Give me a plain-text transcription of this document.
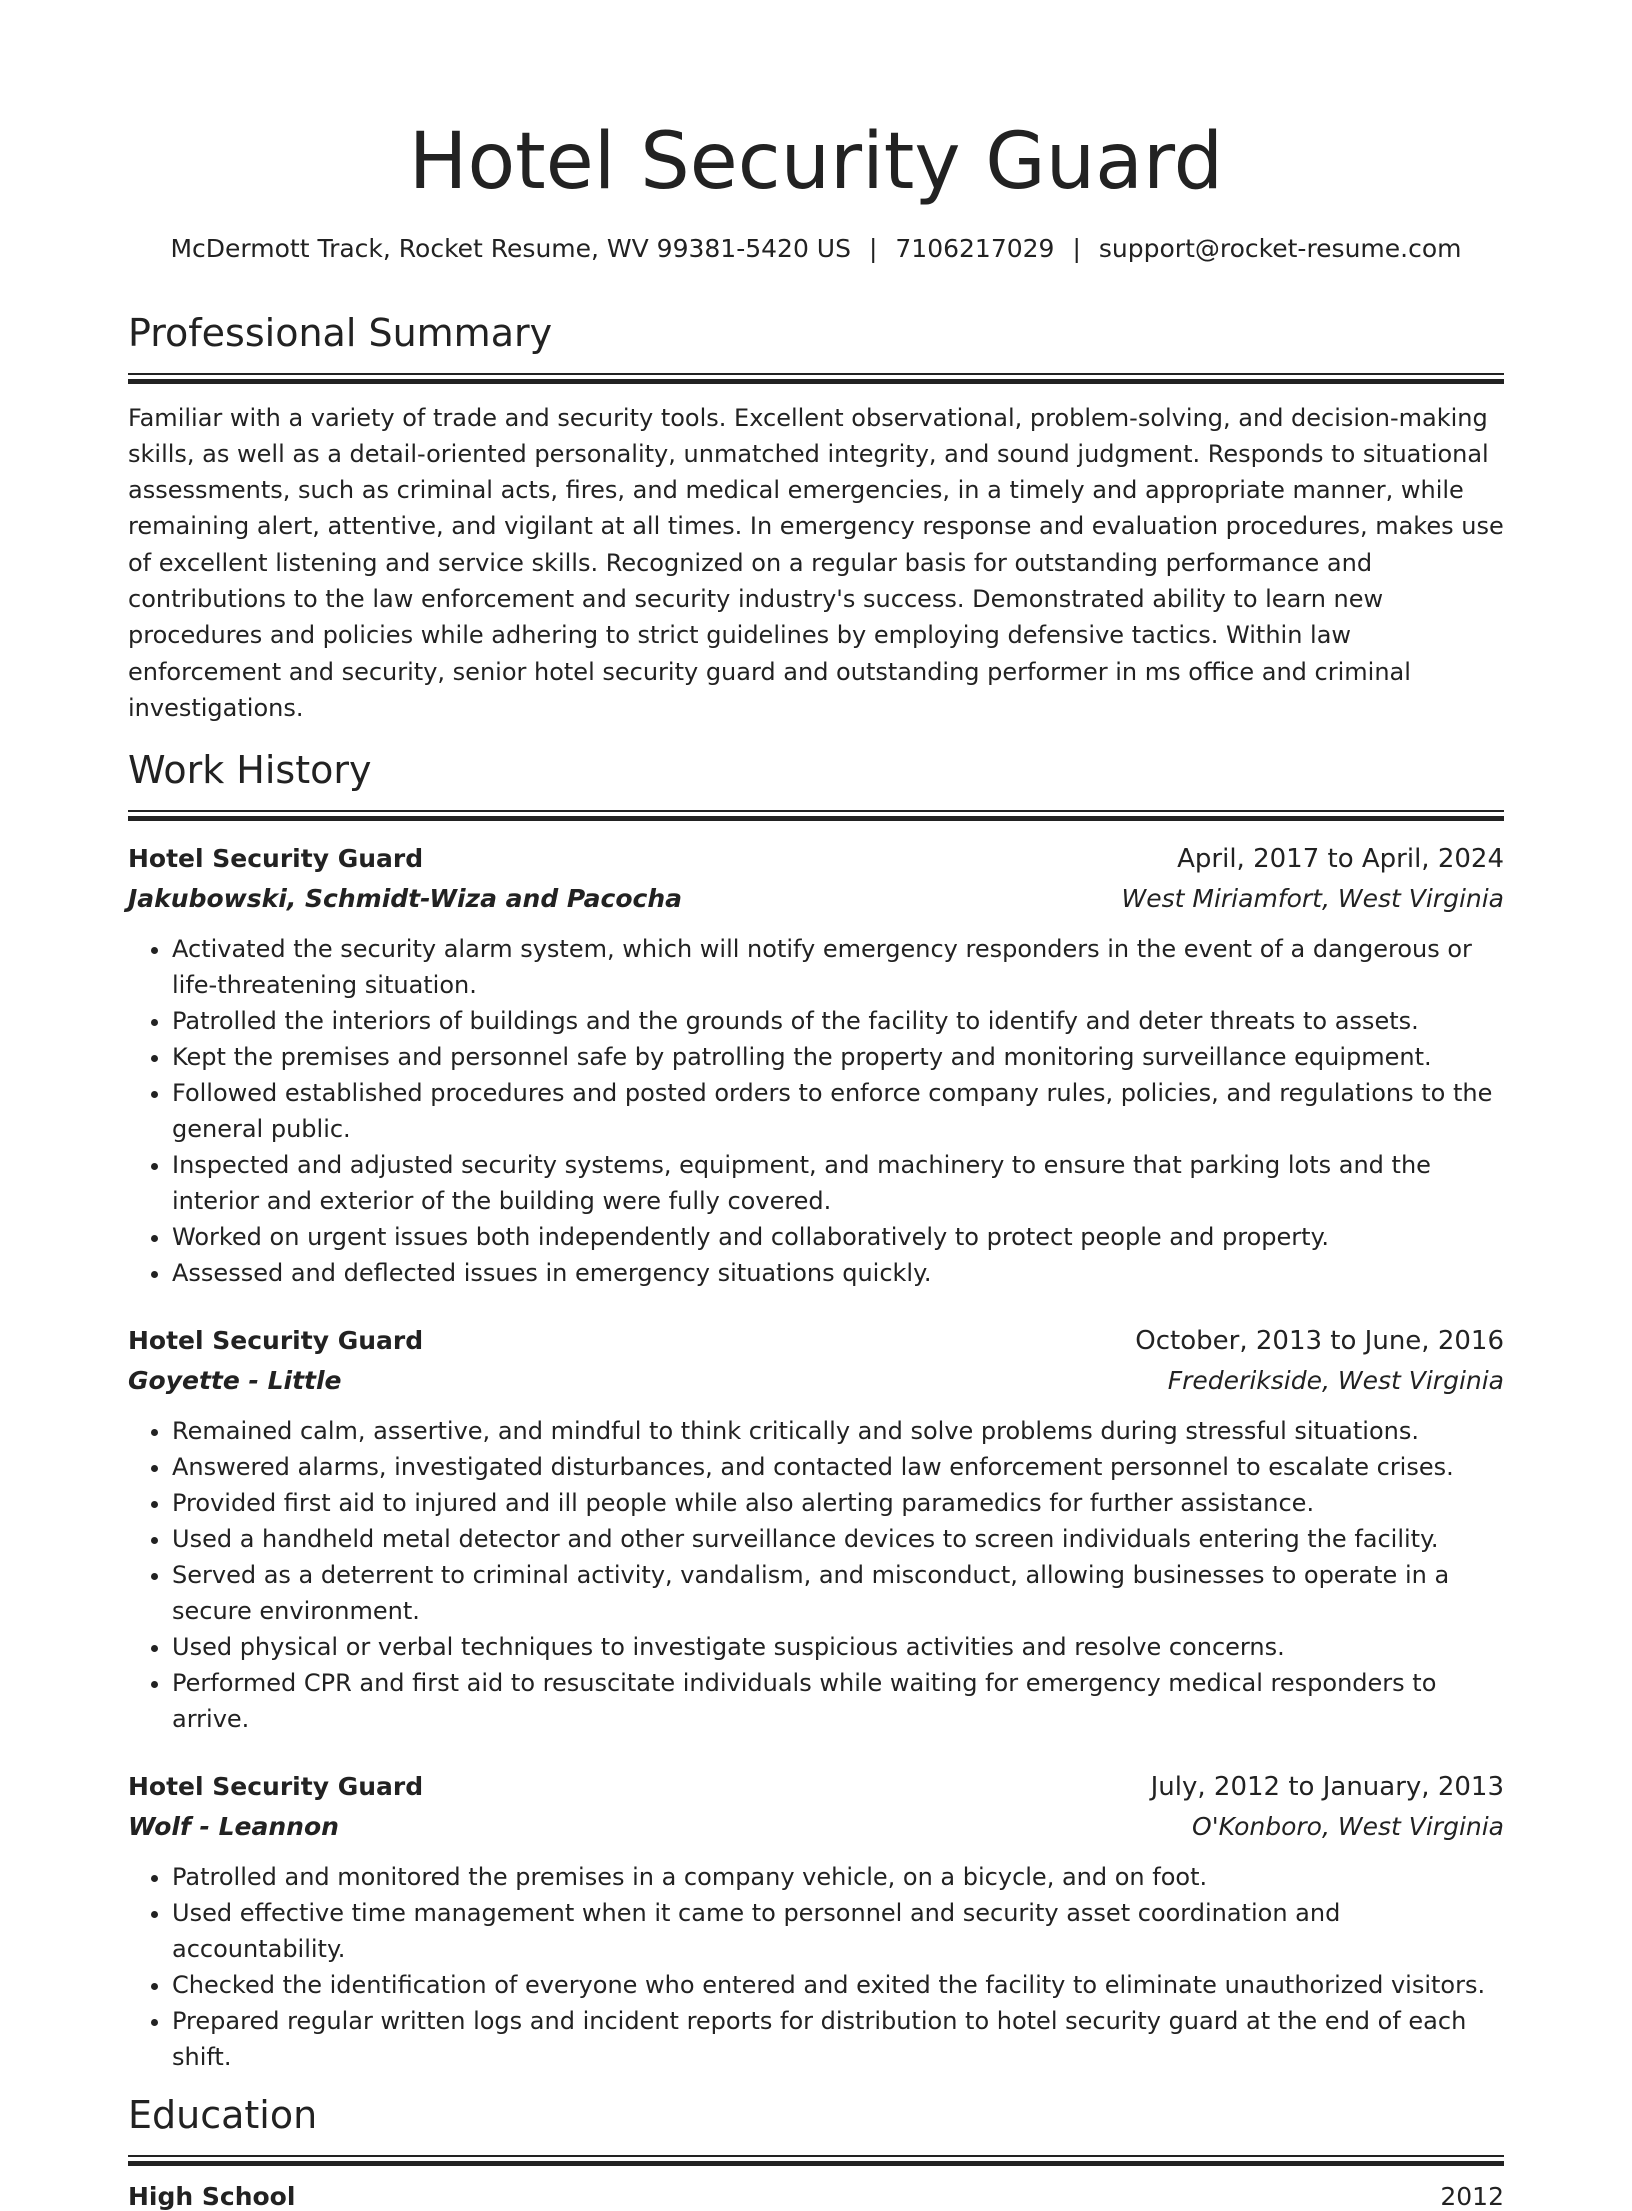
Hotel Security Guard
McDermott Track, Rocket Resume, WV 99381-5420 US | 7106217029 | support@rocket-resume.com
Professional Summary
Familiar with a variety of trade and security tools. Excellent observational, problem-solving, and decision-making skills, as well as a detail-oriented personality, unmatched integrity, and sound judgment. Responds to situational assessments, such as criminal acts, fires, and medical emergencies, in a timely and appropriate manner, while remaining alert, attentive, and vigilant at all times. In emergency response and evaluation procedures, makes use of excellent listening and service skills. Recognized on a regular basis for outstanding performance and contributions to the law enforcement and security industry's success. Demonstrated ability to learn new procedures and policies while adhering to strict guidelines by employing defensive tactics. Within law enforcement and security, senior hotel security guard and outstanding performer in ms office and criminal investigations.
Work History
Hotel Security Guard	April, 2017 to April, 2024
Jakubowski, Schmidt-Wiza and Pacocha	West Miriamfort, West Virginia
• Activated the security alarm system, which will notify emergency responders in the event of a dangerous or life-threatening situation.
• Patrolled the interiors of buildings and the grounds of the facility to identify and deter threats to assets.
• Kept the premises and personnel safe by patrolling the property and monitoring surveillance equipment.
• Followed established procedures and posted orders to enforce company rules, policies, and regulations to the general public.
• Inspected and adjusted security systems, equipment, and machinery to ensure that parking lots and the interior and exterior of the building were fully covered.
• Worked on urgent issues both independently and collaboratively to protect people and property.
• Assessed and deflected issues in emergency situations quickly.
Hotel Security Guard	October, 2013 to June, 2016
Goyette - Little	Frederikside, West Virginia
• Remained calm, assertive, and mindful to think critically and solve problems during stressful situations.
• Answered alarms, investigated disturbances, and contacted law enforcement personnel to escalate crises.
• Provided first aid to injured and ill people while also alerting paramedics for further assistance.
• Used a handheld metal detector and other surveillance devices to screen individuals entering the facility.
• Served as a deterrent to criminal activity, vandalism, and misconduct, allowing businesses to operate in a secure environment.
• Used physical or verbal techniques to investigate suspicious activities and resolve concerns.
• Performed CPR and first aid to resuscitate individuals while waiting for emergency medical responders to arrive.
Hotel Security Guard	July, 2012 to January, 2013
Wolf - Leannon	O'Konboro, West Virginia
• Patrolled and monitored the premises in a company vehicle, on a bicycle, and on foot.
• Used effective time management when it came to personnel and security asset coordination and accountability.
• Checked the identification of everyone who entered and exited the facility to eliminate unauthorized visitors.
• Prepared regular written logs and incident reports for distribution to hotel security guard at the end of each shift.
Education
High School	2012
